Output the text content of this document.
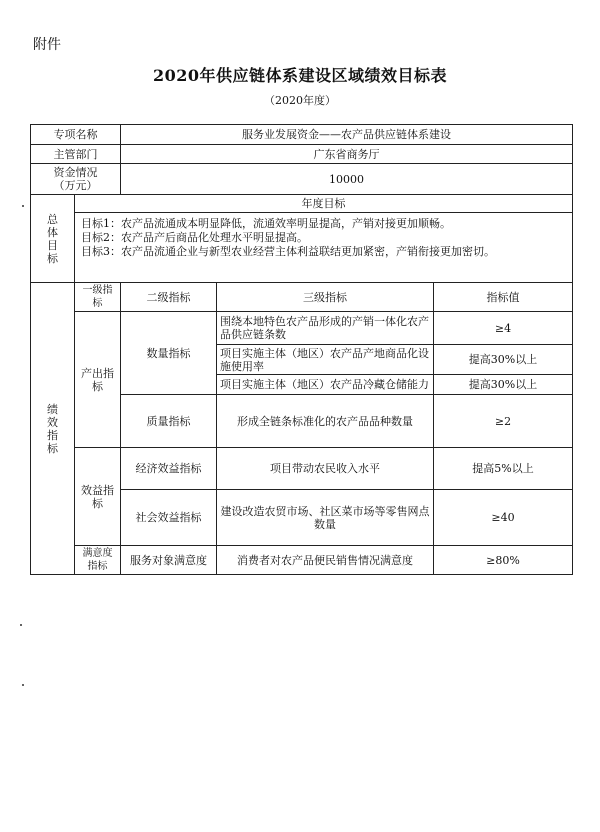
附件
2020年供应链体系建设区域绩效目标表
（2020年度）
专项名称		服务业发展资金——农产品供应链体系建设		
主管部门		广东省商务厅		

资金情况
（万元）		10000		

总
体
目
标	年度目标			

	目标1：农产品流通成本明显降低，流通效率明显提高，产销对接更加顺畅。
目标2：农产品产后商品化处理水平明显提高。
目标3：农产品流通企业与新型农业经营主体利益联结更加紧密，产销衔接更加密切。			

绩
效
指
标	一级指标	二级指标	三级指标	指标值
	产出指标	数量指标	围绕本地特色农产品形成的产销一体化农产品供应链条数	≥4
			项目实施主体（地区）农产品产地商品化设施使用率	提高30%以上
			项目实施主体（地区）农产品冷藏仓储能力	提高30%以上
		质量指标	形成全链条标准化的农产品品种数量	≥2
	效益指标	经济效益指标	项目带动农民收入水平	提高5%以上
		社会效益指标	建设改造农贸市场、社区菜市场等零售网点数量	≥40
	满意度指标	服务对象满意度	消费者对农产品便民销售情况满意度	≥80%
